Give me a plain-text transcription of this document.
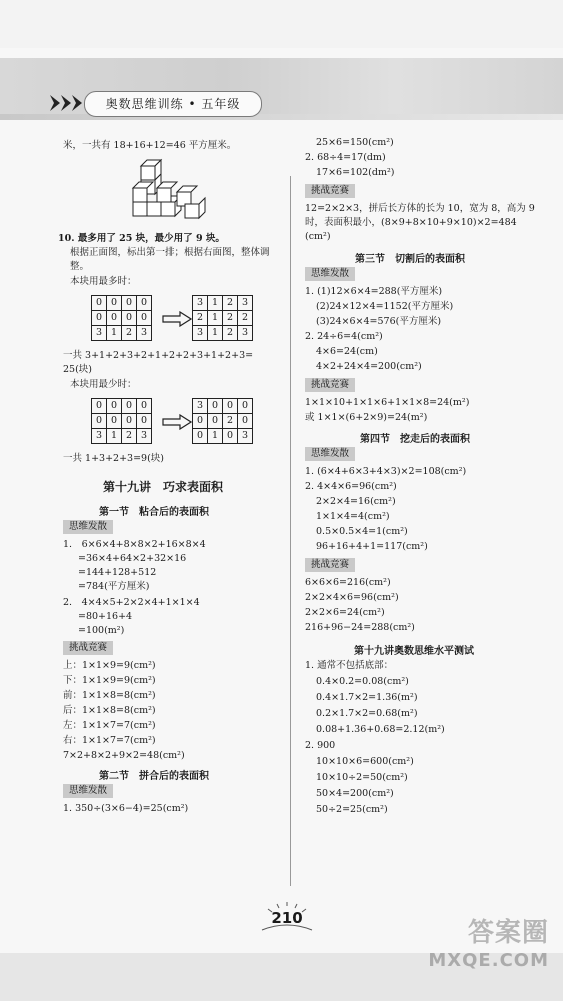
奥数思维训练 • 五年级
米，一共有 18+16+12=46 平方厘米。
10. 最多用了 25 块，最少用了 9 块。
根据正面图，标出第一排；根据右面图，整体调
整。
本块用最多时：
0	0	0	0
0	0	0	0
3	1	2	3
3	1	2	3
2	1	2	2
3	1	2	3
一共 3+1+2+3+2+1+2+2+3+1+2+3=
25(块)
本块用最少时：
0	0	0	0
0	0	0	0
3	1	2	3
3	0	0	0
0	0	2	0
0	1	0	3
一共 1+3+2+3=9(块)
第十九讲　巧求表面积
第一节　粘合后的表面积
思维发散
1.　6×6×4+8×8×2+16×8×4
=36×4+64×2+32×16
=144+128+512
=784(平方厘米)
2.　4×4×5+2×2×4+1×1×4
=80+16+4
=100(m²)
挑战竞赛
上：1×1×9=9(cm²)
下：1×1×9=9(cm²)
前：1×1×8=8(cm²)
后：1×1×8=8(cm²)
左：1×1×7=7(cm²)
右：1×1×7=7(cm²)
7×2+8×2+9×2=48(cm²)
第二节　拼合后的表面积
思维发散
1. 350÷(3×6−4)=25(cm²)
25×6=150(cm²)
2. 68÷4=17(dm)
17×6=102(dm²)
挑战竞赛
12=2×2×3，拼后长方体的长为 10，宽为 8，高为 9
时，表面积最小，(8×9+8×10+9×10)×2=484
(cm²)
第三节　切割后的表面积
思维发散
1. (1)12×6×4=288(平方厘米)
(2)24×12×4=1152(平方厘米)
(3)24×6×4=576(平方厘米)
2. 24÷6=4(cm²)
4×6=24(cm)
4×2+24×4=200(cm²)
挑战竞赛
1×1×10+1×1×6+1×1×8=24(m²)
或 1×1×(6+2×9)=24(m²)
第四节　挖走后的表面积
思维发散
1. (6×4+6×3+4×3)×2=108(cm²)
2. 4×4×6=96(cm²)
2×2×4=16(cm²)
1×1×4=4(cm²)
0.5×0.5×4=1(cm²)
96+16+4+1=117(cm²)
挑战竞赛
6×6×6=216(cm²)
2×2×4×6=96(cm²)
2×2×6=24(cm²)
216+96−24=288(cm²)
第十九讲奥数思维水平测试
1. 通常不包括底部：
0.4×0.2=0.08(cm²)
0.4×1.7×2=1.36(m²)
0.2×1.7×2=0.68(m²)
0.08+1.36+0.68=2.12(m²)
2. 900
10×10×6=600(cm²)
10×10÷2=50(cm²)
50×4=200(cm²)
50÷2=25(cm²)
210	答案圈
MXQE.COM
